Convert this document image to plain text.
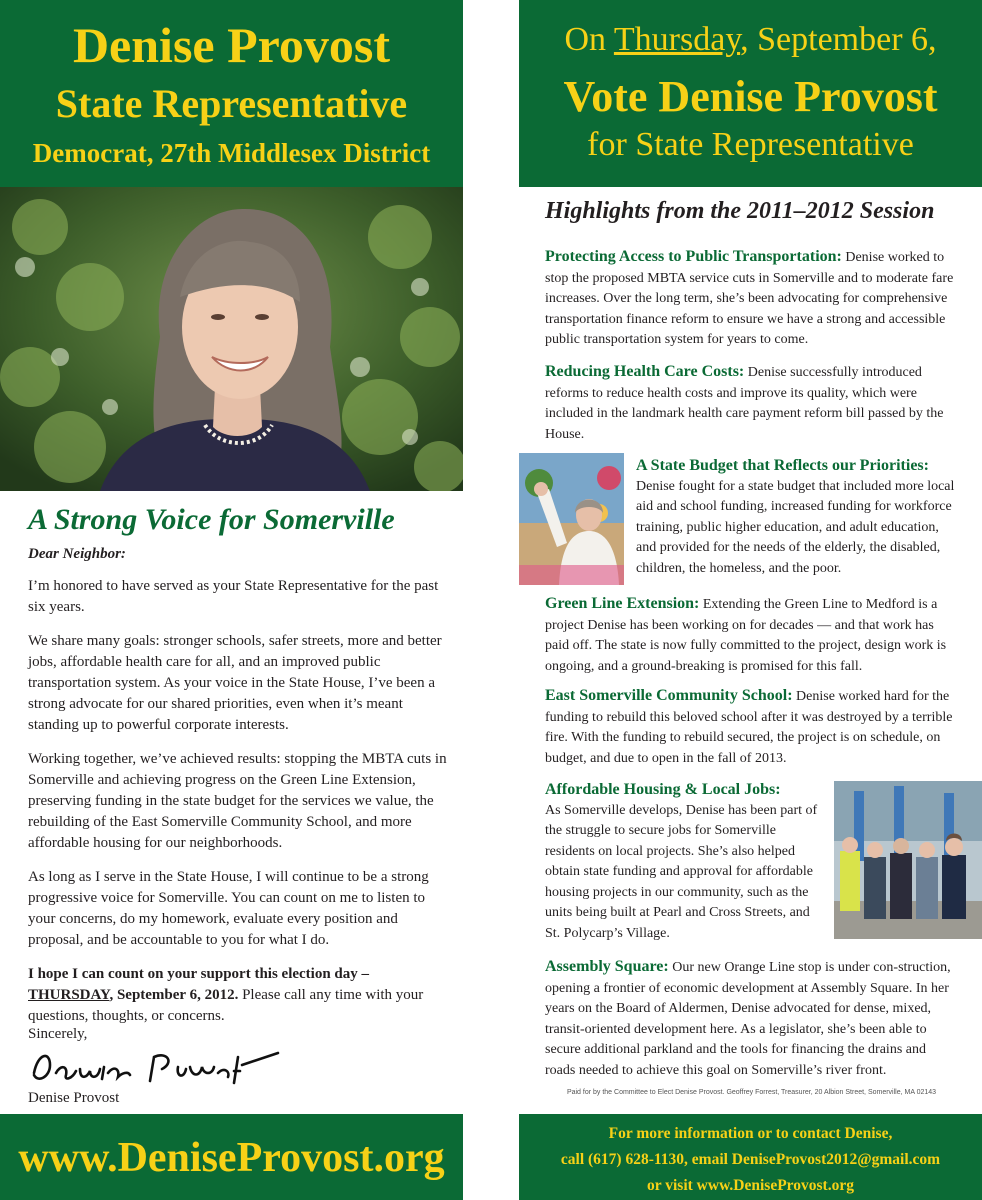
Denise Provost
State Representative
Democrat, 27th Middlesex District
A Strong Voice for Somerville
Dear Neighbor:

I’m honored to have served as your State Representative for the past six years.

We share many goals: stronger schools, safer streets, more and better jobs, affordable health care for all, and an improved public transportation system. As your voice in the State House, I’ve been a strong advocate for our shared priorities, even when it’s meant standing up to powerful corporate interests.

Working together, we’ve achieved results: stopping the MBTA cuts in Somerville and achieving progress on the Green Line Extension, preserving funding in the state budget for the services we value, the rebuilding of the East Somerville Community School, and more affordable housing for our neighborhoods.

As long as I serve in the State House, I will continue to be a strong progressive voice for Somerville. You can count on me to listen to your concerns, do my homework, evaluate every position and proposal, and be accountable to you for what I do.

I hope I can count on your support this election day –
THURSDAY, September 6, 2012. Please call any time with your questions, thoughts, or concerns.

Sincerely,
Denise Provost
www.DeniseProvost.org
On Thursday, September 6,
Vote Denise Provost
for State Representative
Highlights from the 2011–2012 Session
Protecting Access to Public Transportation: Denise worked to stop the proposed MBTA service cuts in Somerville and to moderate fare increases. Over the long term, she’s been advocating for comprehensive transportation finance reform to ensure we have a strong and accessible public transportation system for years to come.
Reducing Health Care Costs: Denise successfully introduced reforms to reduce health costs and improve its quality, which were included in the landmark health care payment reform bill passed by the House.
A State Budget that Reflects our Priorities:
Denise fought for a state budget that included more local aid and school funding, increased funding for workforce training, public higher education, and adult education, and provided for the needs of the elderly, the disabled, children, the homeless, and the poor.
Green Line Extension: Extending the Green Line to Medford is a project Denise has been working on for decades — and that work has paid off. The state is now fully committed to the project, design work is ongoing, and a ground-breaking is promised for this fall.
East Somerville Community School: Denise worked hard for the funding to rebuild this beloved school after it was destroyed by a terrible fire. With the funding to rebuild secured, the project is on schedule, on budget, and due to open in the fall of 2013.
Affordable Housing & Local Jobs:
As Somerville develops, Denise has been part of the struggle to secure jobs for Somerville residents on local projects. She’s also helped obtain state funding and approval for affordable housing projects in our community, such as the units being built at Pearl and Cross Streets, and St. Polycarp’s Village.
Assembly Square: Our new Orange Line stop is under con-struction, opening a frontier of economic development at Assembly Square. In her years on the Board of Aldermen, Denise advocated for dense, mixed, transit-oriented development here. As a legislator, she’s been able to secure additional parkland and the tools for financing the drains and roads needed to achieve this goal on Somerville’s river front.
Paid for by the Committee to Elect Denise Provost. Geoffrey Forrest, Treasurer, 20 Albion Street, Somerville, MA 02143
For more information or to contact Denise,
call (617) 628-1130, email DeniseProvost2012@gmail.com
or visit www.DeniseProvost.org
